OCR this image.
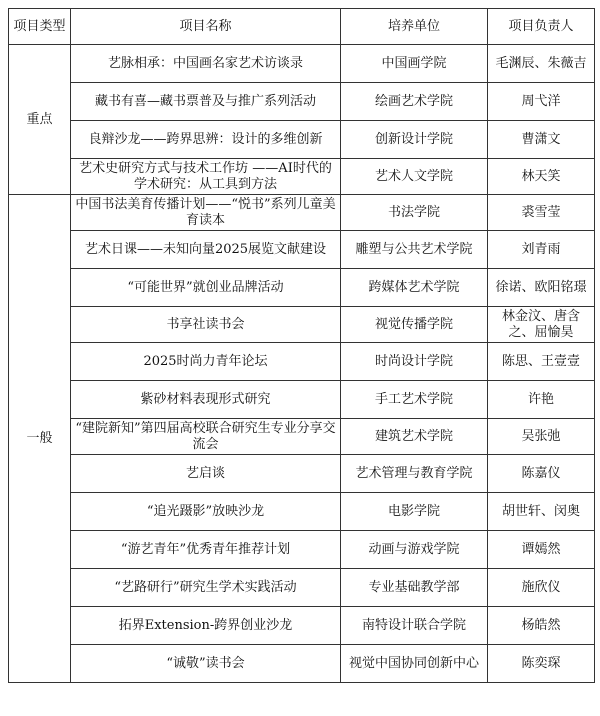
项目类型	项目名称	培养单位	项目负责人
重点	艺脉相承：中国画名家艺术访谈录	中国画学院	毛渊辰、朱薇吉
	藏书有喜—藏书票普及与推广系列活动	绘画艺术学院	周弋洋
	良辩沙龙——跨界思辨：设计的多维创新	创新设计学院	曹潇文
	艺术史研究方式与技术工作坊 ——AI时代的学术研究：从工具到方法	艺术人文学院	林天笑
一般	中国书法美育传播计划——“悦书”系列儿童美育读本	书法学院	裘雪莹
	艺术日课——未知向量2025展览文献建设	雕塑与公共艺术学院	刘青雨
	“可能世界”就创业品牌活动	跨媒体艺术学院	徐诺、欧阳铭璟
	书享社读书会	视觉传播学院	林金汶、唐含之、屈愉昊
	2025时尚力青年论坛	时尚设计学院	陈思、王壹壹
	紫砂材料表现形式研究	手工艺术学院	许艳
	“建院新知”第四届高校联合研究生专业分享交流会	建筑艺术学院	吴张弛
	艺启谈	艺术管理与教育学院	陈嘉仪
	“追光蹑影”放映沙龙	电影学院	胡世轩、闵奥
	“游艺青年”优秀青年推荐计划	动画与游戏学院	谭嫣然
	“艺路研行”研究生学术实践活动	专业基础教学部	施欣仪
	拓界Extension-跨界创业沙龙	南特设计联合学院	杨皓然
	“诚敬”读书会	视觉中国协同创新中心	陈奕琛
